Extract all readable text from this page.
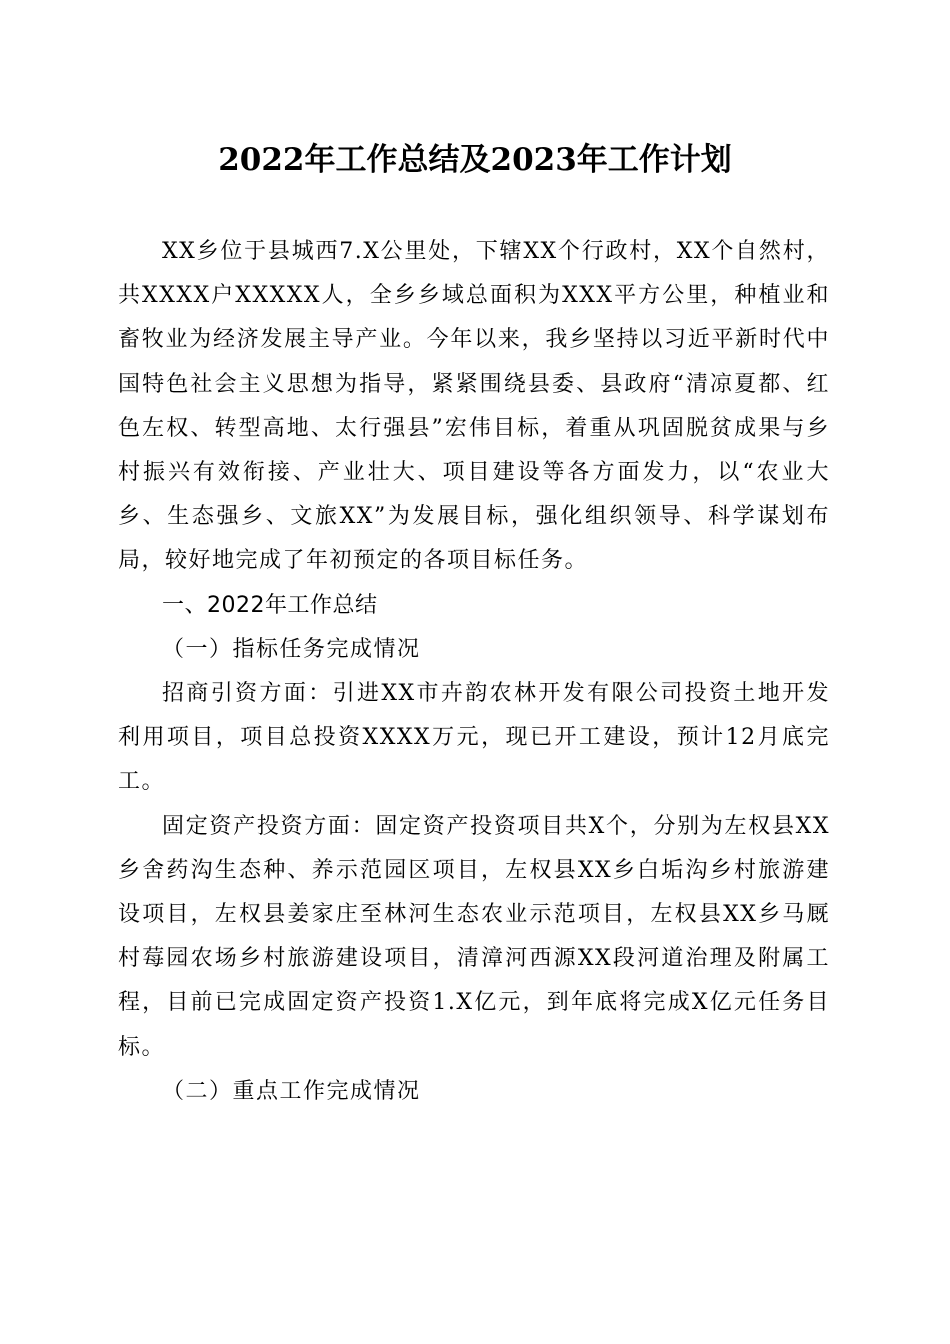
2022年工作总结及2023年工作计划

XX乡位于县城西7.X公里处，下辖XX个行政村，XX个自然村，共XXXX户XXXXX人，全乡乡域总面积为XXX平方公里，种植业和畜牧业为经济发展主导产业。今年以来，我乡坚持以习近平新时代中国特色社会主义思想为指导，紧紧围绕县委、县政府“清凉夏都、红色左权、转型高地、太行强县”宏伟目标，着重从巩固脱贫成果与乡村振兴有效衔接、产业壮大、项目建设等各方面发力，以“农业大乡、生态强乡、文旅XX”为发展目标，强化组织领导、科学谋划布局，较好地完成了年初预定的各项目标任务。

一、2022年工作总结

（一）指标任务完成情况

招商引资方面：引进XX市卉韵农林开发有限公司投资土地开发利用项目，项目总投资XXXX万元，现已开工建设，预计12月底完工。

固定资产投资方面：固定资产投资项目共X个，分别为左权县XX乡舍药沟生态种、养示范园区项目，左权县XX乡白垢沟乡村旅游建设项目，左权县姜家庄至林河生态农业示范项目，左权县XX乡马厩村莓园农场乡村旅游建设项目，清漳河西源XX段河道治理及附属工程，目前已完成固定资产投资1.X亿元，到年底将完成X亿元任务目标。

（二）重点工作完成情况
